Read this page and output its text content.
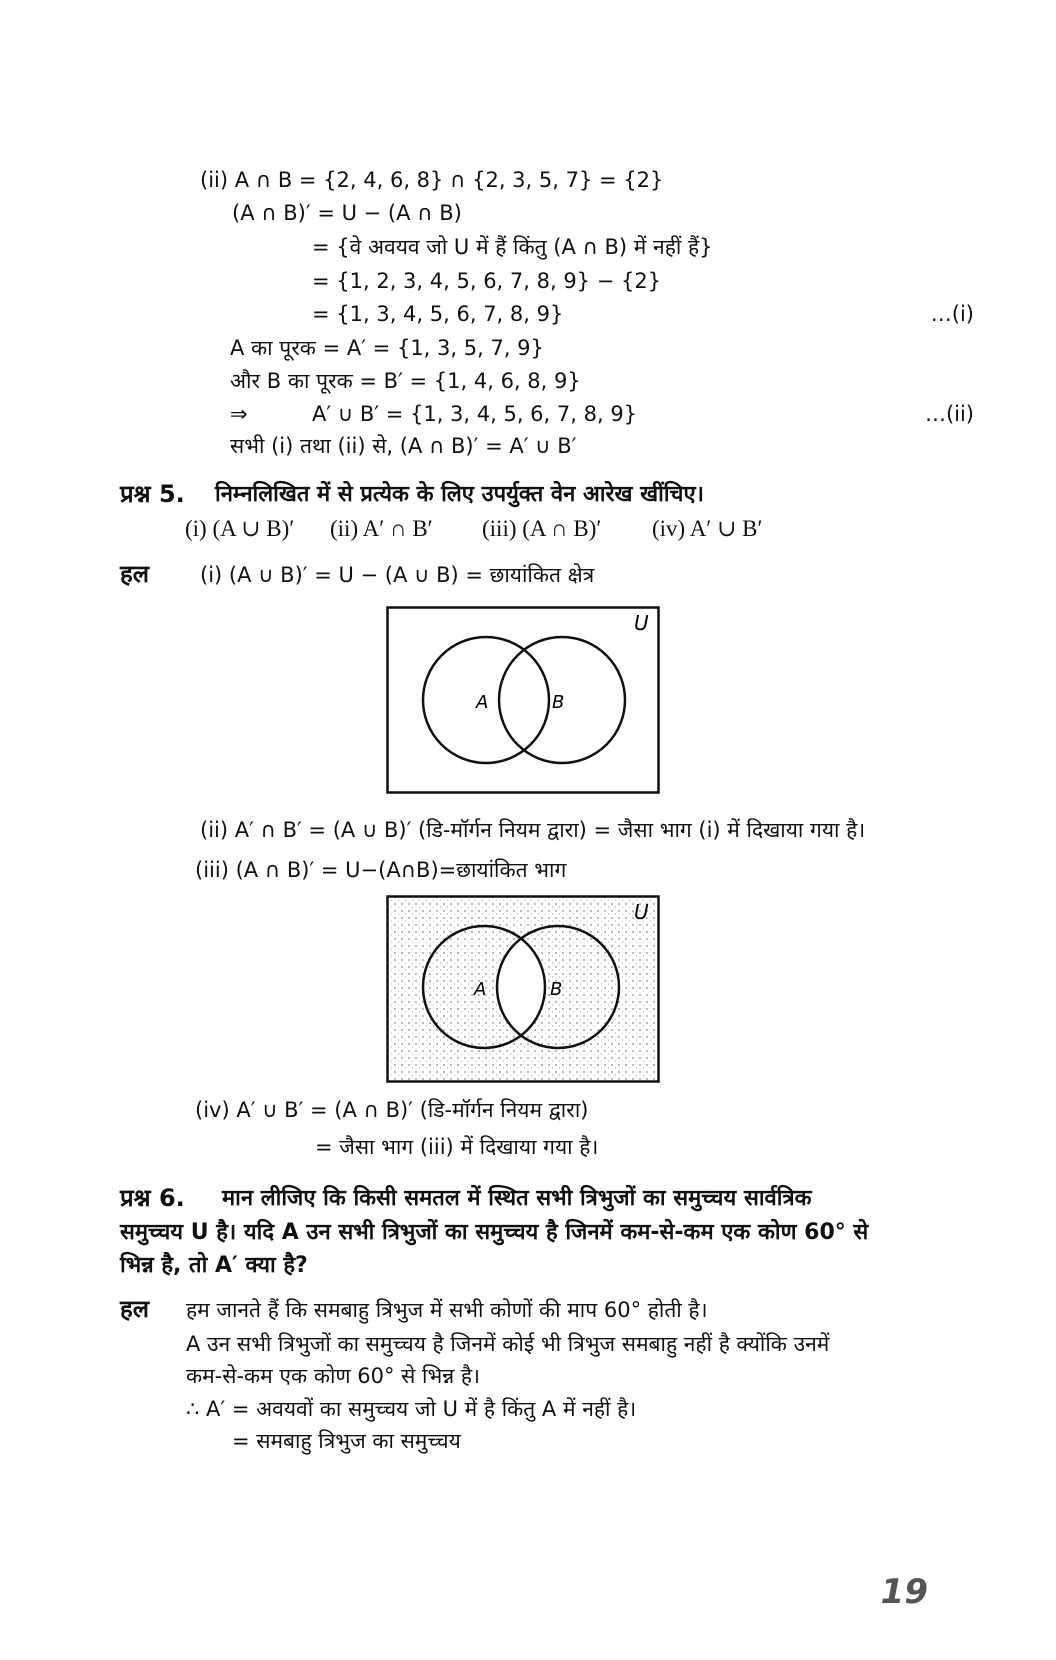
(ii) A ∩ B = {2, 4, 6, 8} ∩ {2, 3, 5, 7} = {2}
(A ∩ B)′ = U − (A ∩ B)
= {वे अवयव जो U में हैं किंतु (A ∩ B) में नहीं हैं}
= {1, 2, 3, 4, 5, 6, 7, 8, 9} − {2}
= {1, 3, 4, 5, 6, 7, 8, 9}	…(i)
A का पूरक = A′ = {1, 3, 5, 7, 9}
और B का पूरक = B′ = {1, 4, 6, 8, 9}
⇒	A′ ∪ B′ = {1, 3, 4, 5, 6, 7, 8, 9}	…(ii)
सभी (i) तथा (ii) से, (A ∩ B)′ = A′ ∪ B′
प्रश्न 5. निम्नलिखित में से प्रत्येक के लिए उपर्युक्त वेन आरेख खींचिए।
(i) (A ∪ B)′ (ii) A′ ∩ B′ (iii) (A ∩ B)′ (iv) A′ ∪ B′
हल (i) (A ∪ B)′ = U − (A ∪ B) = छायांकित क्षेत्र
U
A	B
(ii) A′ ∩ B′ = (A ∪ B)′ (डि-मॉर्गन नियम द्वारा) = जैसा भाग (i) में दिखाया गया है।
(iii) (A ∩ B)′ = U−(A∩B)=छायांकित भाग
U
A	B
(iv) A′ ∪ B′ = (A ∩ B)′ (डि-मॉर्गन नियम द्वारा)
= जैसा भाग (iii) में दिखाया गया है।
प्रश्न 6. मान लीजिए कि किसी समतल में स्थित सभी त्रिभुजों का समुच्चय सार्वत्रिक
समुच्चय U है। यदि A उन सभी त्रिभुजों का समुच्चय है जिनमें कम-से-कम एक कोण 60° से
भिन्न है, तो A′ क्या है?
हल हम जानते हैं कि समबाहु त्रिभुज में सभी कोणों की माप 60° होती है।
A उन सभी त्रिभुजों का समुच्चय है जिनमें कोई भी त्रिभुज समबाहु नहीं है क्योंकि उनमें
कम-से-कम एक कोण 60° से भिन्न है।
∴ A′ = अवयवों का समुच्चय जो U में है किंतु A में नहीं है।
= समबाहु त्रिभुज का समुच्चय
19
